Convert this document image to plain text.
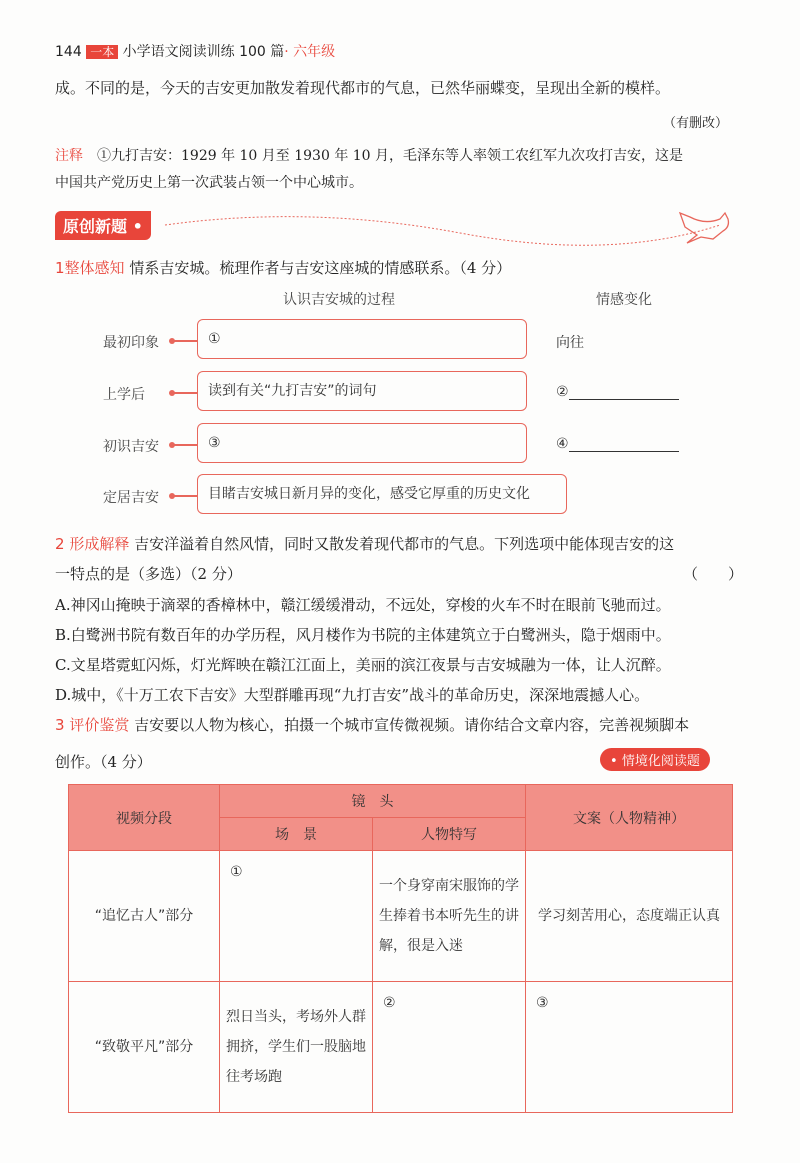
144 一本 小学语文阅读训练 100 篇· 六年级
成。不同的是，今天的吉安更加散发着现代都市的气息，已然华丽蝶变，呈现出全新的模样。
（有删改）
注释　 ①九打吉安：1929 年 10 月至 1930 年 10 月，毛泽东等人率领工农红军九次攻打吉安，这是
中国共产党历史上第一次武装占领一个中心城市。
原创新题 •
1整体感知 情系吉安城。梳理作者与吉安这座城的情感联系。（4 分）
认识吉安城的过程	情感变化
最初印象	①	向往
上学后	读到有关“九打吉安”的词句	②
初识吉安	③	④
定居吉安	目睹吉安城日新月异的变化，感受它厚重的历史文化
2 形成解释 吉安洋溢着自然风情，同时又散发着现代都市的气息。下列选项中能体现吉安的这
一特点的是（多选）（2 分）	（　　）
A.神冈山掩映于滴翠的香樟林中，赣江缓缓滑动，不远处，穿梭的火车不时在眼前飞驰而过。
B.白鹭洲书院有数百年的办学历程，风月楼作为书院的主体建筑立于白鹭洲头，隐于烟雨中。
C.文星塔霓虹闪烁，灯光辉映在赣江江面上，美丽的滨江夜景与吉安城融为一体，让人沉醉。
D.城中，《十万工农下吉安》大型群雕再现“九打吉安”战斗的革命历史，深深地震撼人心。
3 评价鉴赏 吉安要以人物为核心，拍摄一个城市宣传微视频。请你结合文章内容，完善视频脚本
创作。（4 分）	• 情境化阅读题
视频分段	镜　头		文案（人物精神）
	场　景	人物特写	
“追忆古人”部分	①	一个身穿南宋服饰的学生捧着书本听先生的讲解，很是入迷	学习刻苦用心，态度端正认真
“致敬平凡”部分	烈日当头，考场外人群拥挤，学生们一股脑地往考场跑	②	③
